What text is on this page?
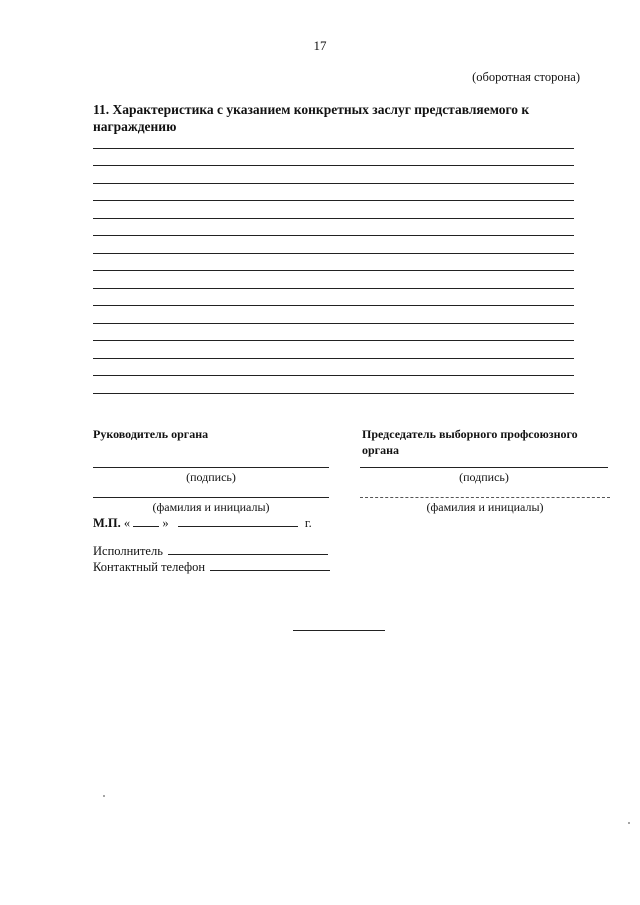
17
(оборотная сторона)
11. Характеристика с указанием конкретных заслуг представляемого к награждению
Руководитель органа
(подпись)
(фамилия и инициалы)
М.П. «	»	г.
Председатель выборного профсоюзного органа
(подпись)
(фамилия и инициалы)
Исполнитель
Контактный телефон
